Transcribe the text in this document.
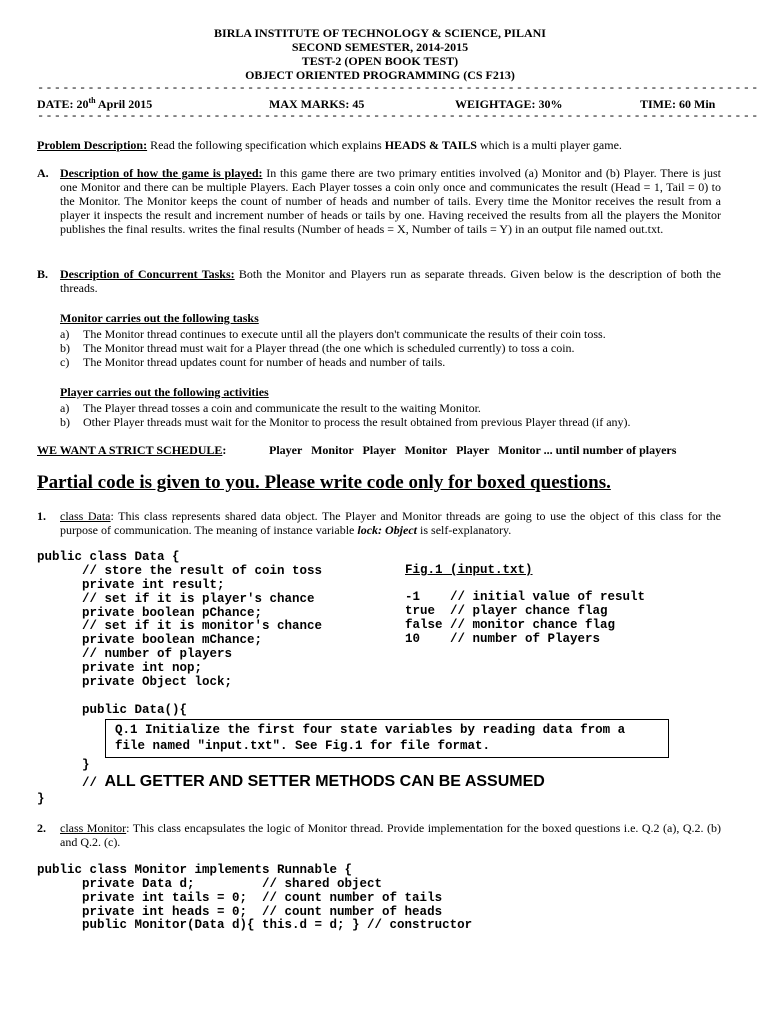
BIRLA INSTITUTE OF TECHNOLOGY & SCIENCE, PILANI
SECOND SEMESTER, 2014-2015
TEST-2 (OPEN BOOK TEST)
OBJECT ORIENTED PROGRAMMING (CS F213)
--------------------------------------------------------------------------------------
DATE: 20th April 2015	MAX MARKS: 45	WEIGHTAGE: 30%	TIME: 60 Min
--------------------------------------------------------------------------------------
Problem Description: Read the following specification which explains HEADS & TAILS which is a multi player game.
A. Description of how the game is played: In this game there are two primary entities involved (a) Monitor and (b) Player. There is just one Monitor and there can be multiple Players. Each Player tosses a coin only once and communicates the result (Head = 1, Tail = 0) to the Monitor. The Monitor keeps the count of number of heads and number of tails. Every time the Monitor receives the result from a player it inspects the result and increment number of heads or tails by one. Having received the results from all the players the Monitor publishes the final results. writes the final results (Number of heads = X, Number of tails = Y) in an output file named out.txt.
B. Description of Concurrent Tasks: Both the Monitor and Players run as separate threads. Given below is the description of both the threads.
Monitor carries out the following tasks
a) The Monitor thread continues to execute until all the players don't communicate the results of their coin toss.
b) The Monitor thread must wait for a Player thread (the one which is scheduled currently) to toss a coin.
c) The Monitor thread updates count for number of heads and number of tails.
Player carries out the following activities
a) The Player thread tosses a coin and communicate the result to the waiting Monitor.
b) Other Player threads must wait for the Monitor to process the result obtained from previous Player thread (if any).
WE WANT A STRICT SCHEDULE:	Player   Monitor   Player   Monitor   Player   Monitor ... until number of players
Partial code is given to you. Please write code only for boxed questions.
1. class Data: This class represents shared data object. The Player and Monitor threads are going to use the object of this class for the purpose of communication. The meaning of instance variable lock: Object is self-explanatory.
public class Data {
// store the result of coin toss
private int result;
// set if it is player's chance
private boolean pChance;
// set if it is monitor's chance
private boolean mChance;
// number of players
private int nop;
private Object lock;
public Data(){
Fig.1 (input.txt)
-1    // initial value of result
true  // player chance flag
false // monitor chance flag
10    // number of Players
Q.1 Initialize the first four state variables by reading data from a
file named "input.txt". See Fig.1 for file format.
}
// ALL GETTER AND SETTER METHODS CAN BE ASSUMED
}
2. class Monitor: This class encapsulates the logic of Monitor thread. Provide implementation for the boxed questions i.e. Q.2 (a), Q.2. (b) and Q.2. (c).
public class Monitor implements Runnable {
private Data d;         // shared object
private int tails = 0;  // count number of tails
private int heads = 0;  // count number of heads
public Monitor(Data d){ this.d = d; } // constructor
